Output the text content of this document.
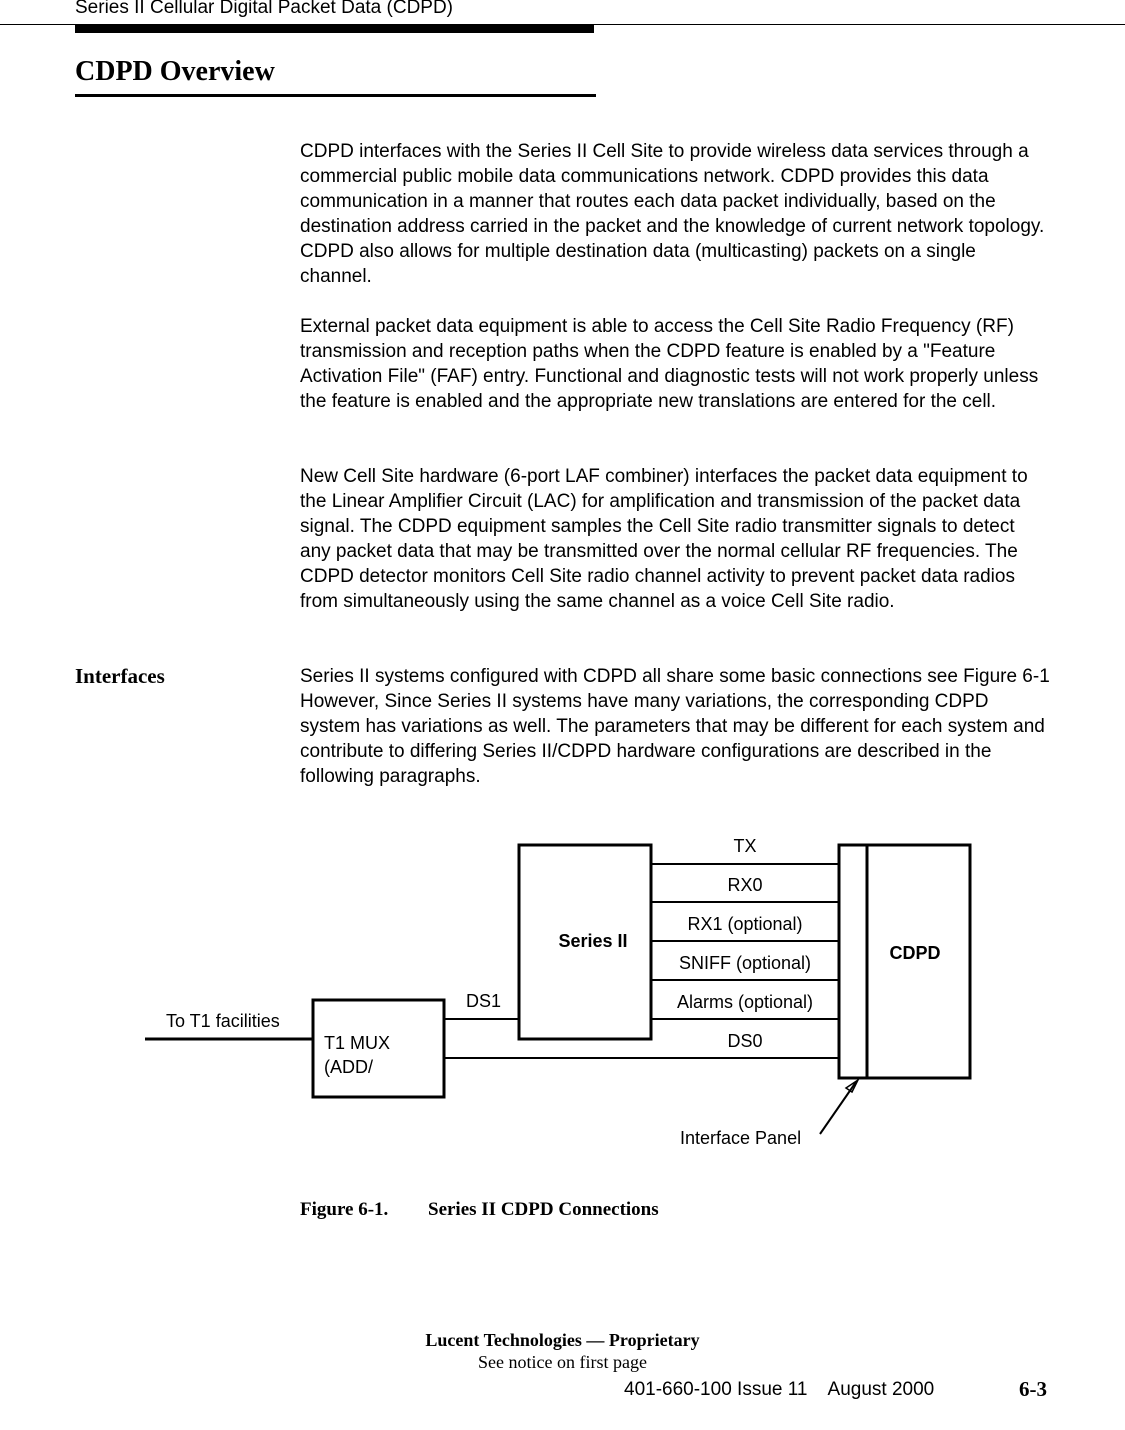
Series II Cellular Digital Packet Data (CDPD)
CDPD Overview
CDPD interfaces with the Series II Cell Site to provide wireless data services through a commercial public mobile data communications network. CDPD provides this data communication in a manner that routes each data packet individually, based on the destination address carried in the packet and the knowledge of current network topology. CDPD also allows for multiple destination data (multicasting) packets on a single channel.
External packet data equipment is able to access the Cell Site Radio Frequency (RF) transmission and reception paths when the CDPD feature is enabled by a "Feature Activation File" (FAF) entry. Functional and diagnostic tests will not work properly unless the feature is enabled and the appropriate new translations are entered for the cell.
New Cell Site hardware (6-port LAF combiner) interfaces the packet data equipment to the Linear Amplifier Circuit (LAC) for amplification and transmission of the packet data signal. The CDPD equipment samples the Cell Site radio transmitter signals to detect any packet data that may be transmitted over the normal cellular RF frequencies. The CDPD detector monitors Cell Site radio channel activity to prevent packet data radios from simultaneously using the same channel as a voice Cell Site radio.
Interfaces	Series II systems configured with CDPD all share some basic connections see Figure 6-1 However, Since Series II systems have many variations, the corresponding CDPD system has variations as well. The parameters that may be different for each system and contribute to differing Series II/CDPD hardware configurations are described in the following paragraphs.
Series II
CDPD
TX
RX0
RX1 (optional)
SNIFF (optional)
Alarms (optional)
DS0
DS1
To T1 facilities
T1 MUX
(ADD/
Interface Panel
Figure 6-1. Series II CDPD Connections
Lucent Technologies — Proprietary
See notice on first page
401-660-100 Issue 11    August 2000	6-3
